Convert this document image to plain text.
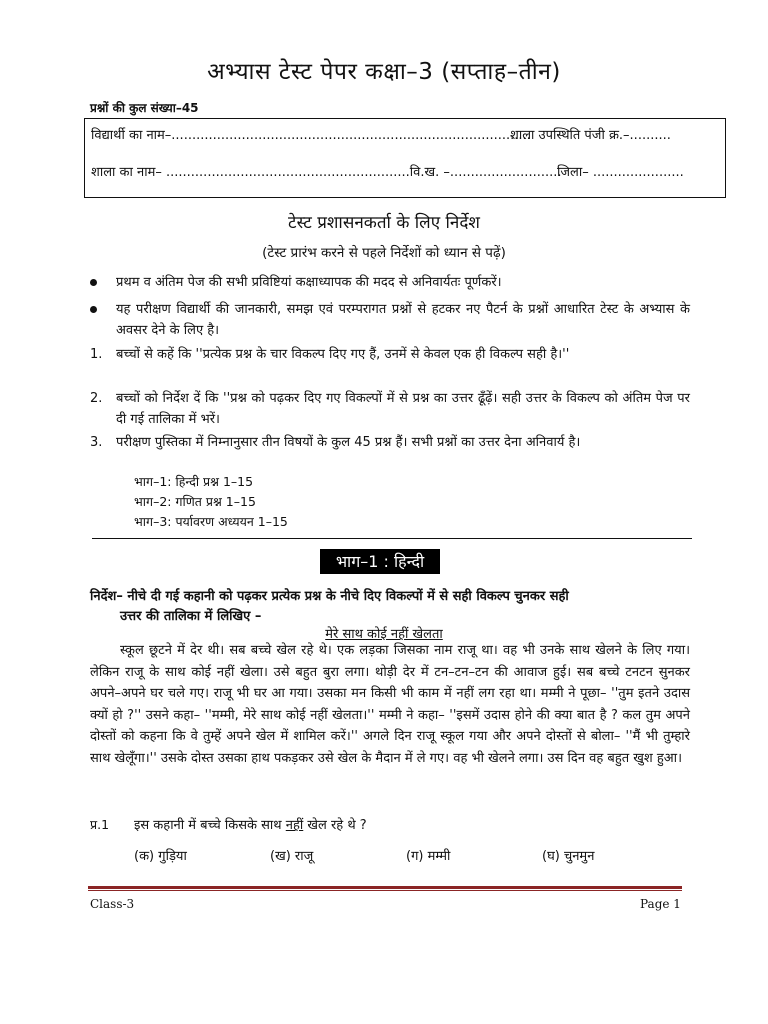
अभ्यास टेस्ट पेपर कक्षा–3 (सप्ताह–तीन)
प्रश्नों की कुल संख्या–45
विद्यार्थी का नाम–.......................................................................................
शाला उपस्थिति पंजी क्र.–..........
शाला का नाम– ...........................................................वि.ख. –...........................
जिला– ......................
टेस्ट प्रशासनकर्ता के लिए निर्देश
(टेस्ट प्रारंभ करने से पहले निर्देशों को ध्यान से पढ़ें)
प्रथम व अंतिम पेज की सभी प्रविष्टियां कक्षाध्यापक की मदद से अनिवार्यतः पूर्णकरें।
यह परीक्षण विद्यार्थी की जानकारी, समझ एवं परम्परागत प्रश्नों से हटकर नए पैटर्न के प्रश्नों आधारित टेस्ट के अभ्यास के अवसर देने के लिए है।
1. बच्चों से कहें कि ''प्रत्येक प्रश्न के चार विकल्प दिए गए हैं, उनमें से केवल एक ही विकल्प सही है।''
2. बच्चों को निर्देश दें कि ''प्रश्न को पढ़कर दिए गए विकल्पों में से प्रश्न का उत्तर ढूँढ़ें। सही उत्तर के विकल्प को अंतिम पेज पर दी गई तालिका में भरें।
3. परीक्षण पुस्तिका में निम्नानुसार तीन विषयों के कुल 45 प्रश्न हैं। सभी प्रश्नों का उत्तर देना अनिवार्य है।
भाग–1: हिन्दी प्रश्न 1–15
भाग–2: गणित प्रश्न 1–15
भाग–3: पर्यावरण अध्ययन 1–15
भाग–1 : हिन्दी
निर्देश– नीचे दी गई कहानी को पढ़कर प्रत्येक प्रश्न के नीचे दिए विकल्पों में से सही विकल्प चुनकर सही
उत्तर की तालिका में लिखिए –
मेरे साथ कोई नहीं खेलता
स्कूल छूटने में देर थी। सब बच्चे खेल रहे थे। एक लड़का जिसका नाम राजू था। वह भी उनके साथ खेलने के लिए गया। लेकिन राजू के साथ कोई नहीं खेला। उसे बहुत बुरा लगा। थोड़ी देर में टन–टन–टन की आवाज हुई। सब बच्चे टनटन सुनकर अपने–अपने घर चले गए। राजू भी घर आ गया। उसका मन किसी भी काम में नहीं लग रहा था। मम्मी ने पूछा– ''तुम इतने उदास क्यों हो ?'' उसने कहा– ''मम्मी, मेरे साथ कोई नहीं खेलता।'' मम्मी ने कहा– ''इसमें उदास होने की क्या बात है ? कल तुम अपने दोस्तों को कहना कि वे तुम्हें अपने खेल में शामिल करें।'' अगले दिन राजू स्कूल गया और अपने दोस्तों से बोला– ''मैं भी तुम्हारे साथ खेलूँगा।'' उसके दोस्त उसका हाथ पकड़कर उसे खेल के मैदान में ले गए। वह भी खेलने लगा। उस दिन वह बहुत खुश हुआ।
प्र.1 इस कहानी में बच्चे किसके साथ नहीं खेल रहे थे ?
(क) गुड़िया	(ख) राजू	(ग) मम्मी	(घ) चुनमुन
Class-3	Page 1
